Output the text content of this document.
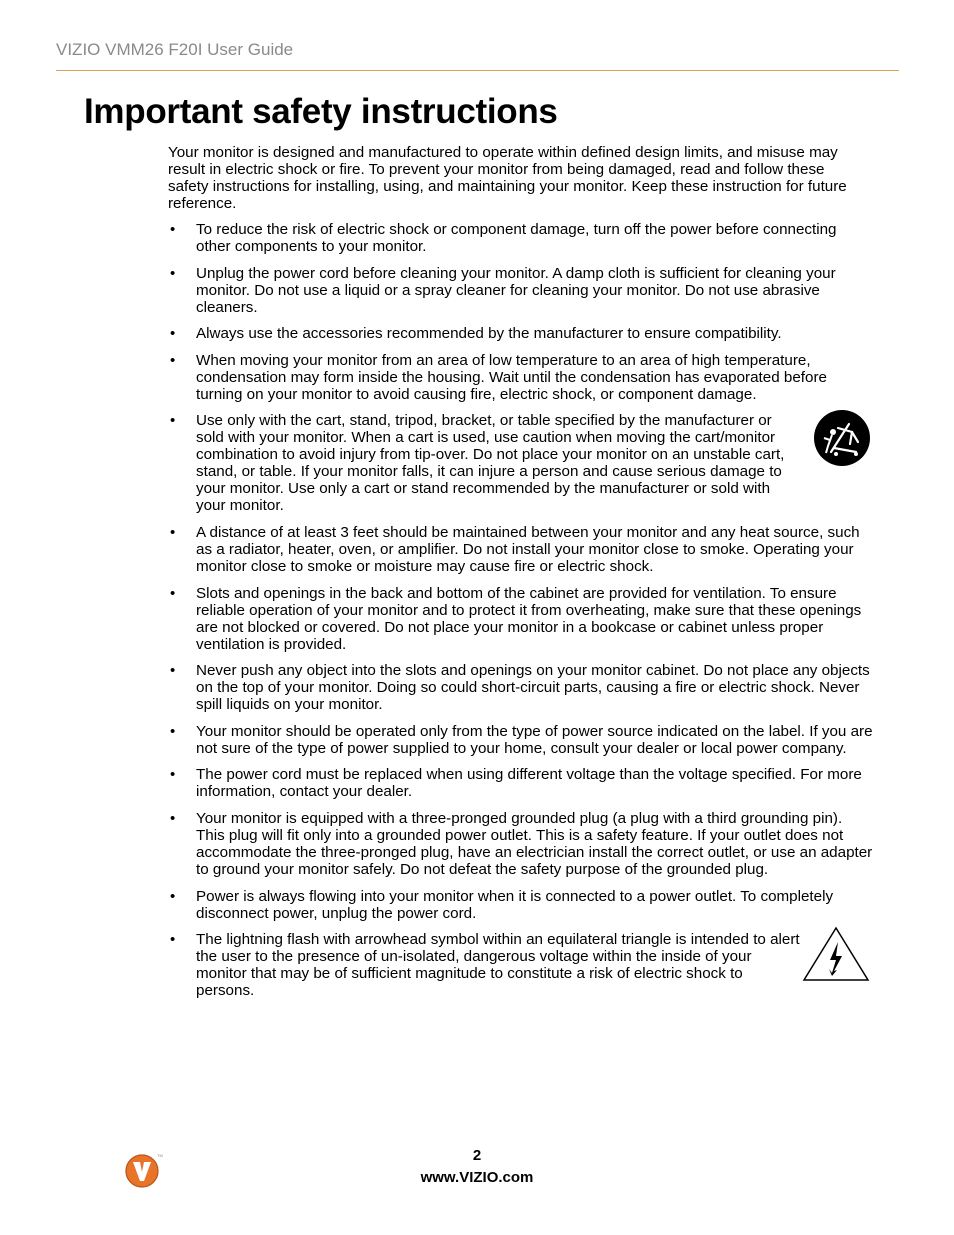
VIZIO VMM26 F20I User Guide
Important safety instructions

Your monitor is designed and manufactured to operate within defined design limits, and misuse may result in electric shock or fire. To prevent your monitor from being damaged, read and follow these safety instructions for installing, using, and maintaining your monitor. Keep these instruction for future reference.

• To reduce the risk of electric shock or component damage, turn off the power before connecting other components to your monitor.
• Unplug the power cord before cleaning your monitor. A damp cloth is sufficient for cleaning your monitor. Do not use a liquid or a spray cleaner for cleaning your monitor. Do not use abrasive cleaners.
• Always use the accessories recommended by the manufacturer to ensure compatibility.
• When moving your monitor from an area of low temperature to an area of high temperature, condensation may form inside the housing. Wait until the condensation has evaporated before turning on your monitor to avoid causing fire, electric shock, or component damage.
• Use only with the cart, stand, tripod, bracket, or table specified by the manufacturer or sold with your monitor. When a cart is used, use caution when moving the cart/monitor combination to avoid injury from tip-over. Do not place your monitor on an unstable cart, stand, or table. If your monitor falls, it can injure a person and cause serious damage to your monitor. Use only a cart or stand recommended by the manufacturer or sold with your monitor.
• A distance of at least 3 feet should be maintained between your monitor and any heat source, such as a radiator, heater, oven, or amplifier. Do not install your monitor close to smoke. Operating your monitor close to smoke or moisture may cause fire or electric shock.
• Slots and openings in the back and bottom of the cabinet are provided for ventilation. To ensure reliable operation of your monitor and to protect it from overheating, make sure that these openings are not blocked or covered. Do not place your monitor in a bookcase or cabinet unless proper ventilation is provided.
• Never push any object into the slots and openings on your monitor cabinet. Do not place any objects on the top of your monitor. Doing so could short-circuit parts, causing a fire or electric shock. Never spill liquids on your monitor.
• Your monitor should be operated only from the type of power source indicated on the label. If you are not sure of the type of power supplied to your home, consult your dealer or local power company.
• The power cord must be replaced when using different voltage than the voltage specified. For more information, contact your dealer.
• Your monitor is equipped with a three-pronged grounded plug (a plug with a third grounding pin). This plug will fit only into a grounded power outlet. This is a safety feature. If your outlet does not accommodate the three-pronged plug, have an electrician install the correct outlet, or use an adapter to ground your monitor safely. Do not defeat the safety purpose of the grounded plug.
• Power is always flowing into your monitor when it is connected to a power outlet. To completely disconnect power, unplug the power cord.
• The lightning flash with arrowhead symbol within an equilateral triangle is intended to alert the user to the presence of un-isolated, dangerous voltage within the inside of your monitor that may be of sufficient magnitude to constitute a risk of electric shock to persons.
TM	2
www.VIZIO.com
